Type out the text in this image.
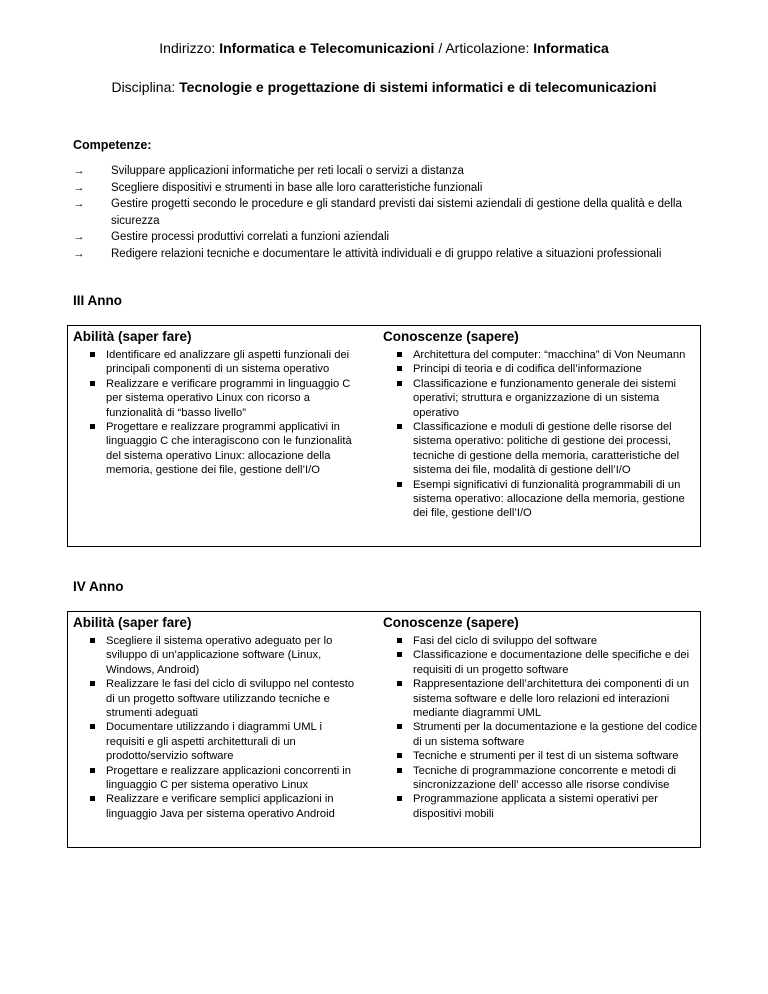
Indirizzo: Informatica e Telecomunicazioni / Articolazione: Informatica
Disciplina: Tecnologie e progettazione di sistemi informatici e di telecomunicazioni
Competenze:
→ Sviluppare applicazioni informatiche per reti locali o servizi a distanza
→ Scegliere dispositivi e strumenti in base alle loro caratteristiche funzionali
→ Gestire progetti secondo le procedure e gli standard previsti dai sistemi aziendali di gestione della qualità e della sicurezza
→ Gestire processi produttivi correlati a funzioni aziendali
→ Redigere relazioni tecniche e documentare le attività individuali e di gruppo relative a situazioni professionali
III Anno
Abilità (saper fare)
Identificare ed analizzare gli aspetti funzionali dei principali componenti di un sistema operativo
Realizzare e verificare programmi in linguaggio C per sistema operativo Linux con ricorso a funzionalità di “basso livello”
Progettare e realizzare programmi applicativi in linguaggio C che interagiscono con le funzionalità del sistema operativo Linux: allocazione della memoria, gestione dei file, gestione dell’I/O

Conoscenze (sapere)
Architettura del computer: “macchina” di Von Neumann
Principi di teoria e di codifica dell’informazione
Classificazione e funzionamento generale dei sistemi operativi; struttura e organizzazione di un sistema operativo
Classificazione e moduli di gestione delle risorse del sistema operativo: politiche di gestione dei processi, tecniche di gestione della memoria, caratteristiche del sistema dei file, modalità di gestione dell’I/O
Esempi significativi di funzionalità programmabili di un sistema operativo: allocazione della memoria, gestione dei file, gestione dell’I/O
IV Anno
Abilità (saper fare)
Scegliere il sistema operativo adeguato per lo sviluppo di un’applicazione software (Linux, Windows, Android)
Realizzare le fasi del ciclo di sviluppo nel contesto di un progetto software utilizzando tecniche e strumenti adeguati
Documentare utilizzando i diagrammi UML i requisiti e gli aspetti architetturali di un prodotto/servizio software
Progettare e realizzare applicazioni concorrenti in linguaggio C per sistema operativo Linux
Realizzare e verificare semplici applicazioni in linguaggio Java per sistema operativo Android

Conoscenze (sapere)
Fasi del ciclo di sviluppo del software
Classificazione e documentazione delle specifiche e dei requisiti di un progetto software
Rappresentazione dell’architettura dei componenti di un sistema software e delle loro relazioni ed interazioni mediante diagrammi UML
Strumenti per la documentazione e la gestione del codice di un sistema software
Tecniche e strumenti per il test di un sistema software
Tecniche di programmazione concorrente e metodi di sincronizzazione dell’ accesso alle risorse condivise
Programmazione applicata a sistemi operativi per dispositivi mobili
